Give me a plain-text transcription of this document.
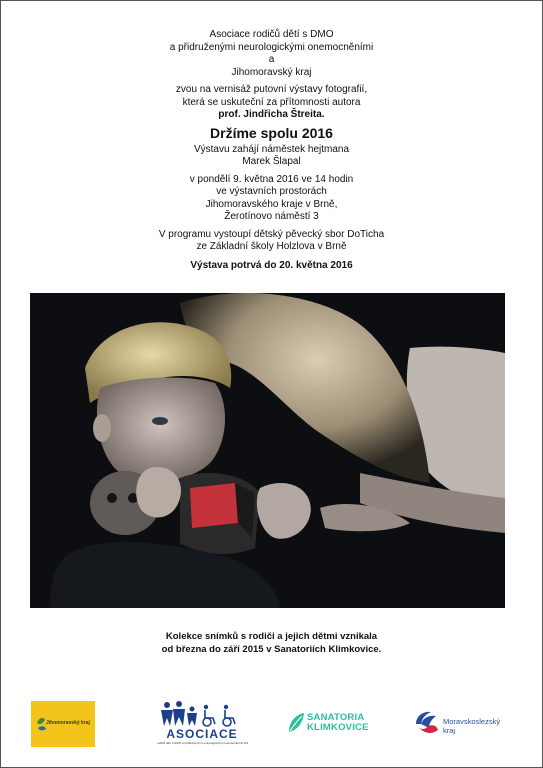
Asociace rodičů dětí s DMO

a přidruženými neurologickými onemocněními

a

Jihomoravský kraj

zvou na vernisáž putovní výstavy fotografií,

která se uskuteční za přítomnosti autora

prof. Jindřicha Štreita.

Držíme spolu 2016

Výstavu zahájí náměstek hejtmana

Marek Šlapal

v pondělí 9. května 2016 ve 14 hodin

ve výstavních prostorách

Jihomoravského kraje v Brně,

Žerotínovo náměstí 3

V programu vystoupí dětský pěvecký sbor DoTicha

ze Základní školy Holzlova v Brně

Výstava potrvá do 20. května 2016

Kolekce snímků s rodiči a jejich dětmi vznikala

od března do září 2015 v Sanatoriích Klimkovice.

Jihomoravský kraj
ASOCIACE
rodičů dětí s DMO a přidruženými neurologickými onemocněními OS
SANATORIA
KLIMKOVICE
Moravskoslezský
kraj
